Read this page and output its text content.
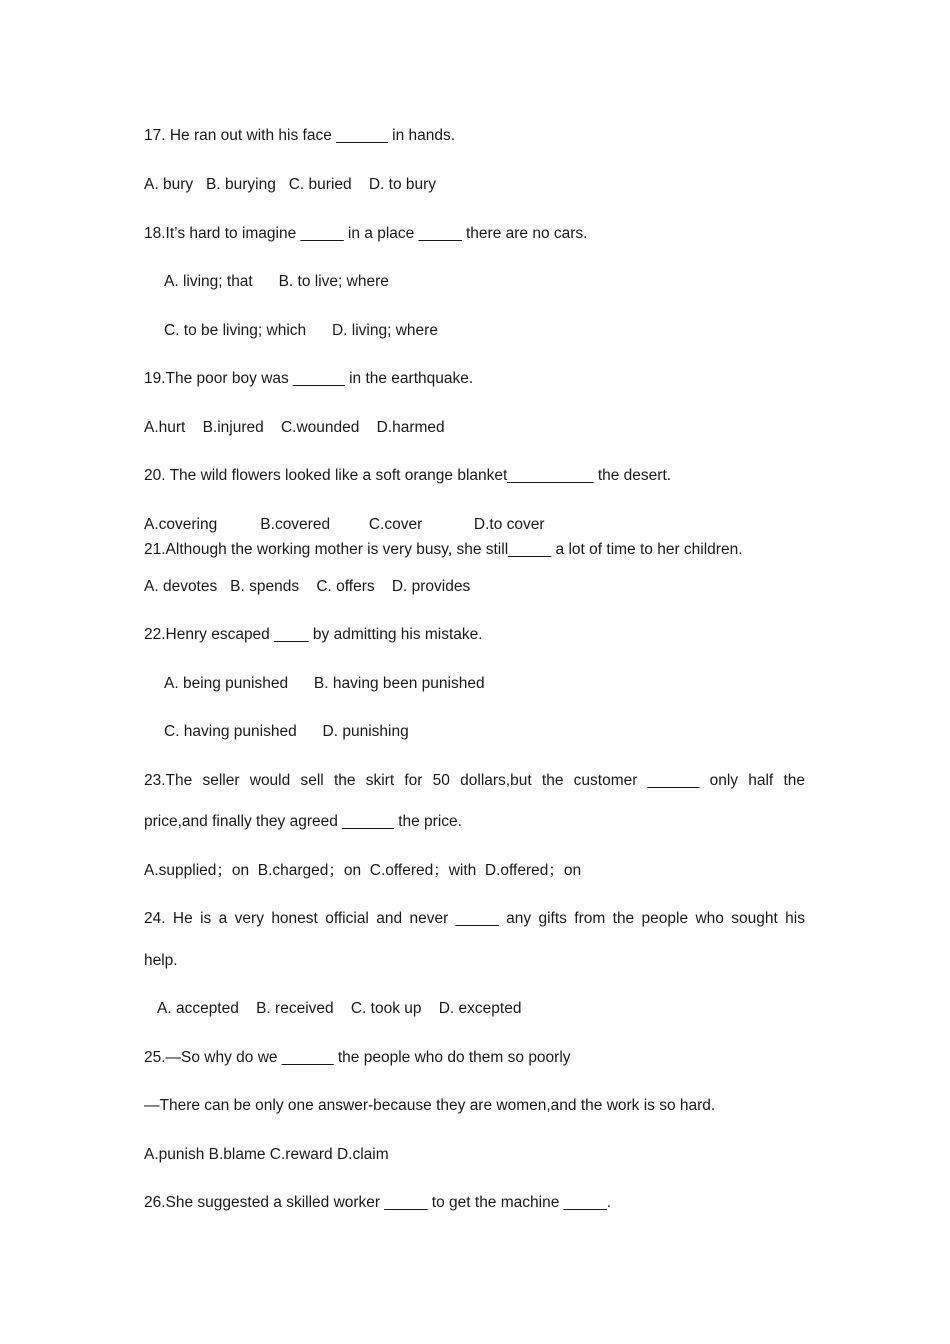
17. He ran out with his face ______ in hands.
A. bury   B. burying   C. buried    D. to bury
18.It’s hard to imagine _____ in a place _____ there are no cars.
A. living; that      B. to live; where
C. to be living; which      D. living; where
19.The poor boy was ______ in the earthquake.
A.hurt    B.injured    C.wounded    D.harmed
20. The wild flowers looked like a soft orange blanket__________ the desert.
A.covering          B.covered         C.cover            D.to cover
21.Although the working mother is very busy, she still_____ a lot of time to her children.
A. devotes   B. spends    C. offers    D. provides
22.Henry escaped ____ by admitting his mistake.
A. being punished      B. having been punished
C. having punished      D. punishing
23.The seller would sell the skirt for 50 dollars,but the customer ______ only half the
price,and finally they agreed ______ the price.
A.supplied；on  B.charged；on  C.offered；with  D.offered；on
24. He is a very honest official and never _____ any gifts from the people who sought his
help.
A. accepted    B. received    C. took up    D. excepted
25.—So why do we ______ the people who do them so poorly
—There can be only one answer-because they are women,and the work is so hard.
A.punish B.blame C.reward D.claim
26.She suggested a skilled worker _____ to get the machine _____.
